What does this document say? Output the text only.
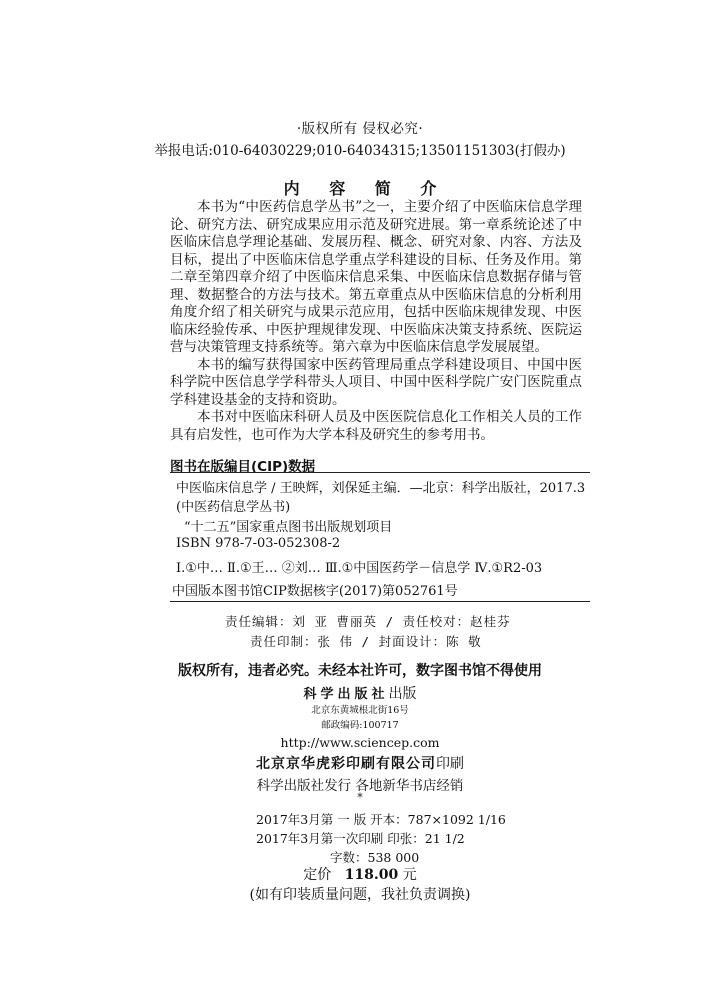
·版权所有 侵权必究·
举报电话:010-64030229;010-64034315;13501151303(打假办)
内 容 简 介

本书为“中医药信息学丛书”之一，主要介绍了中医临床信息学理论、研究方法、研究成果应用示范及研究进展。第一章系统论述了中医临床信息学理论基础、发展历程、概念、研究对象、内容、方法及目标，提出了中医临床信息学重点学科建设的目标、任务及作用。第二章至第四章介绍了中医临床信息采集、中医临床信息数据存储与管理、数据整合的方法与技术。第五章重点从中医临床信息的分析利用角度介绍了相关研究与成果示范应用，包括中医临床规律发现、中医临床经验传承、中医护理规律发现、中医临床决策支持系统、医院运营与决策管理支持系统等。第六章为中医临床信息学发展展望。

本书的编写获得国家中医药管理局重点学科建设项目、中国中医科学院中医信息学学科带头人项目、中国中医科学院广安门医院重点学科建设基金的支持和资助。

本书对中医临床科研人员及中医医院信息化工作相关人员的工作具有启发性，也可作为大学本科及研究生的参考用书。

图书在版编目(CIP)数据
中医临床信息学 / 王映辉，刘保延主编．—北京：科学出版社，2017.3
(中医药信息学丛书)
“十二五”国家重点图书出版规划项目
ISBN 978-7-03-052308-2
Ⅰ.①中… Ⅱ.①王… ②刘… Ⅲ.①中国医药学－信息学 Ⅳ.①R2-03
中国版本图书馆CIP数据核字(2017)第052761号
责任编辑：刘 亚 曹丽英 / 责任校对：赵桂芬
责任印制：张 伟 / 封面设计：陈 敬
版权所有，违者必究。未经本社许可，数字图书馆不得使用
科学出版社出版
北京东黄城根北街16号
邮政编码:100717
http://www.sciencep.com
北京京华虎彩印刷有限公司印刷
科学出版社发行 各地新华书店经销
*
2017年3月第 一 版 开本：787×1092 1/16
2017年3月第一次印刷 印张：21 1/2
字数：538 000
定价 118.00 元
(如有印装质量问题，我社负责调换)
